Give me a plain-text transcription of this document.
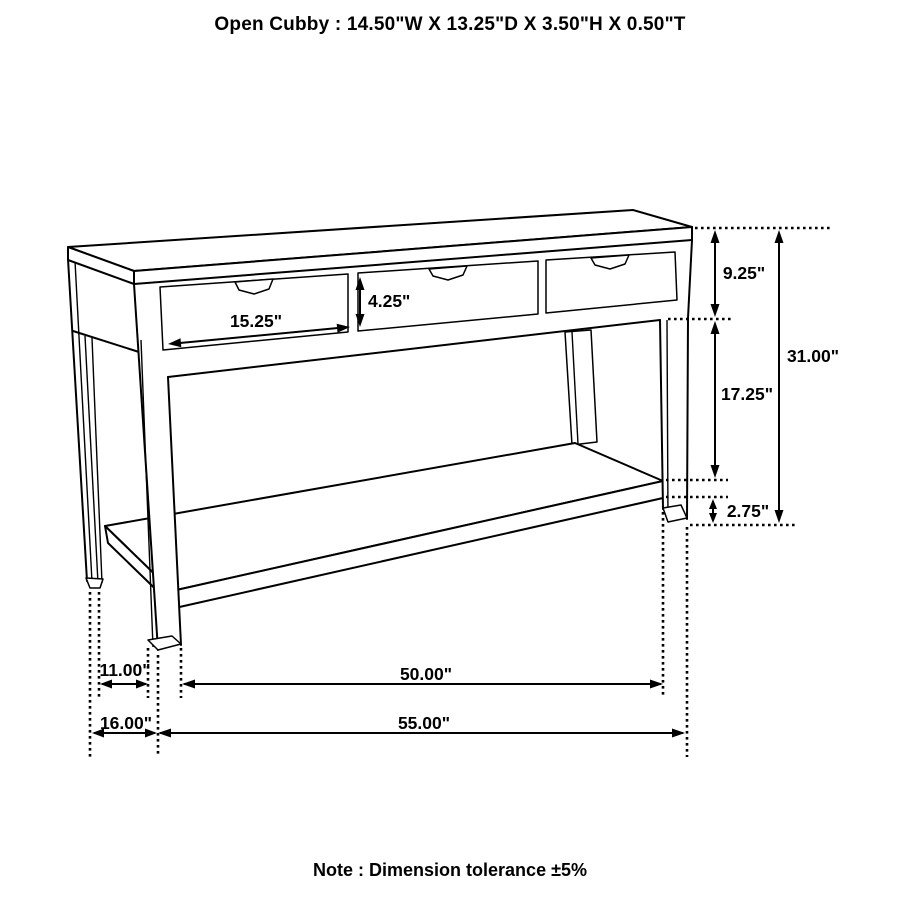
Open Cubby : 14.50"W X 13.25"D X 3.50"H X 0.50"T
15.25"
4.25"
9.25"
17.25"
2.75"
31.00"
11.00"
16.00"
50.00"
55.00"
Note : Dimension tolerance ±5%
